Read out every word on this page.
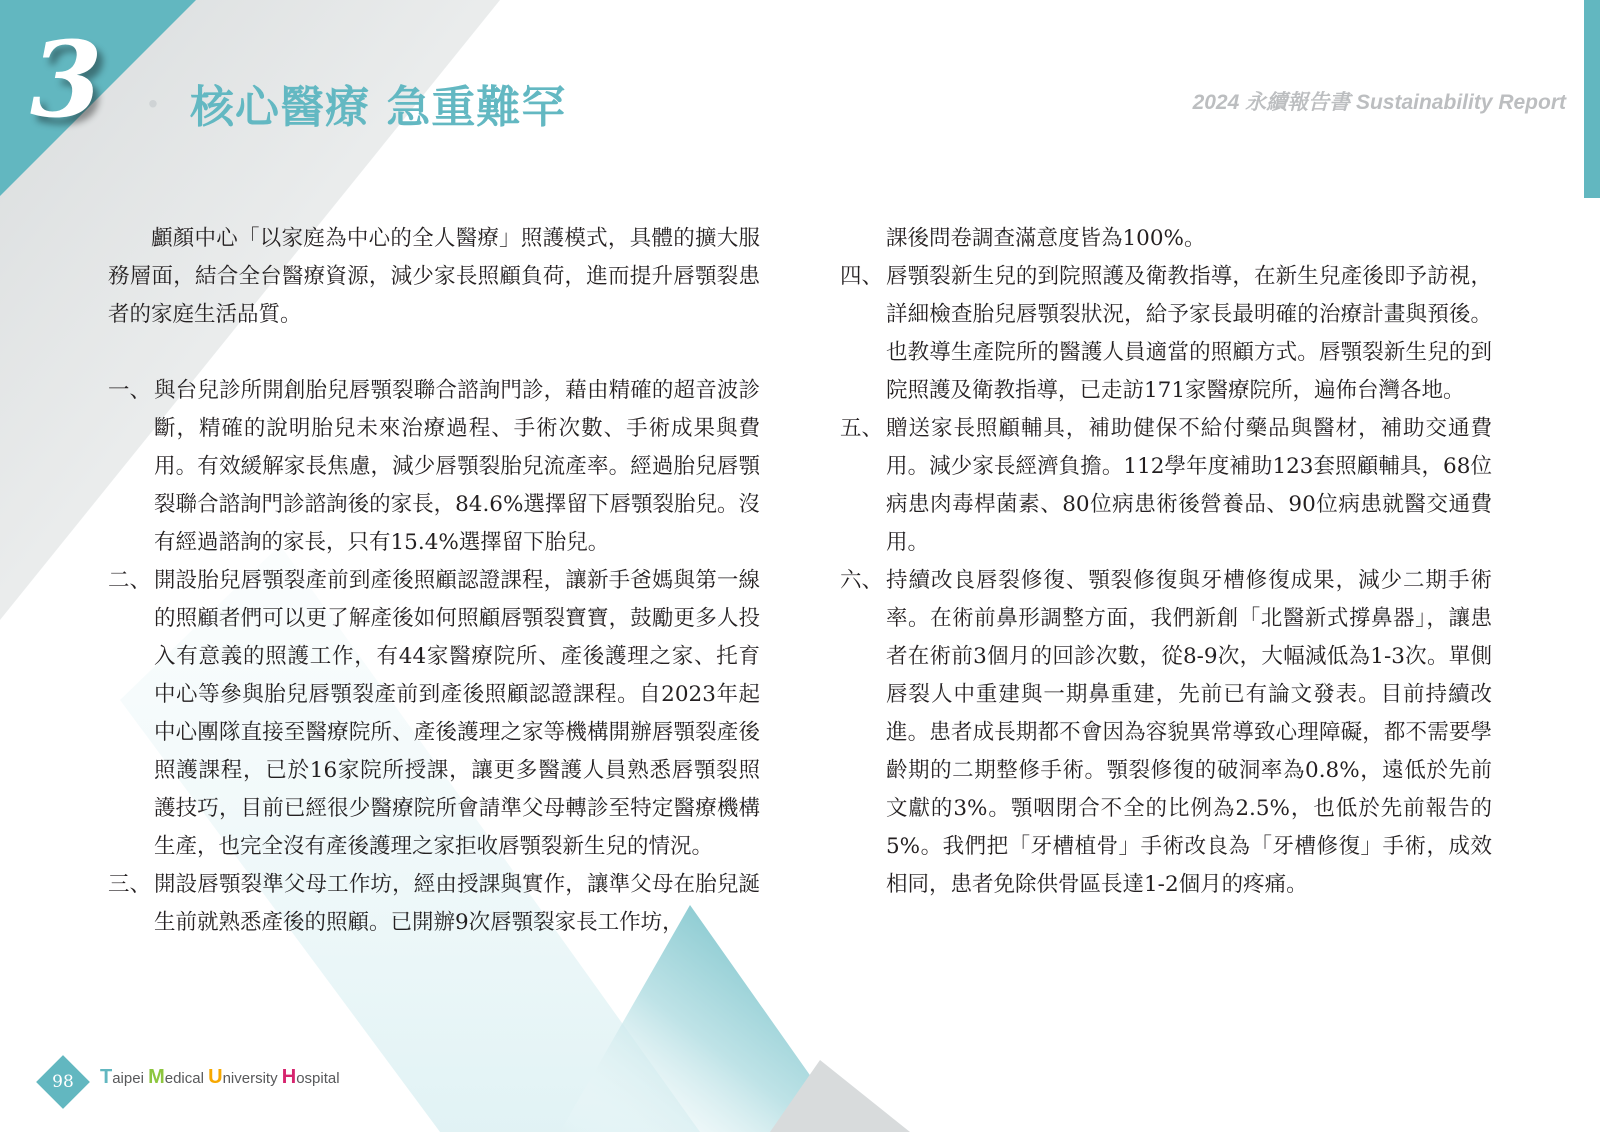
3 . 核心醫療 急重難罕	2024 永續報告書 Sustainability Report

顱顏中心「以家庭為中心的全人醫療」照護模式，具體的擴大服務層面，結合全台醫療資源，減少家長照顧負荷，進而提升唇顎裂患者的家庭生活品質。

一、 與台兒診所開創胎兒唇顎裂聯合諮詢門診，藉由精確的超音波診斷，精確的說明胎兒未來治療過程、手術次數、手術成果與費用。有效緩解家長焦慮，減少唇顎裂胎兒流產率。經過胎兒唇顎裂聯合諮詢門診諮詢後的家長，84.6%選擇留下唇顎裂胎兒。沒有經過諮詢的家長，只有15.4%選擇留下胎兒。
二、 開設胎兒唇顎裂產前到產後照顧認證課程，讓新手爸媽與第一線的照顧者們可以更了解產後如何照顧唇顎裂寶寶，鼓勵更多人投入有意義的照護工作，有44家醫療院所、產後護理之家、托育中心等參與胎兒唇顎裂產前到產後照顧認證課程。自2023年起中心團隊直接至醫療院所、產後護理之家等機構開辦唇顎裂產後照護課程，已於16家院所授課，讓更多醫護人員熟悉唇顎裂照護技巧，目前已經很少醫療院所會請準父母轉診至特定醫療機構生產，也完全沒有產後護理之家拒收唇顎裂新生兒的情況。
三、 開設唇顎裂準父母工作坊，經由授課與實作，讓準父母在胎兒誕生前就熟悉產後的照顧。已開辦9次唇顎裂家長工作坊，

課後問卷調查滿意度皆為100%。

四、 唇顎裂新生兒的到院照護及衛教指導，在新生兒產後即予訪視，詳細檢查胎兒唇顎裂狀況，給予家長最明確的治療計畫與預後。也教導生產院所的醫護人員適當的照顧方式。唇顎裂新生兒的到院照護及衛教指導，已走訪171家醫療院所，遍佈台灣各地。
五、 贈送家長照顧輔具，補助健保不給付藥品與醫材，補助交通費用。減少家長經濟負擔。112學年度補助123套照顧輔具，68位病患肉毒桿菌素、80位病患術後營養品、90位病患就醫交通費用。
六、 持續改良唇裂修復、顎裂修復與牙槽修復成果，減少二期手術率。在術前鼻形調整方面，我們新創「北醫新式撐鼻器」，讓患者在術前3個月的回診次數，從8-9次，大幅減低為1-3次。單側唇裂人中重建與一期鼻重建，先前已有論文發表。目前持續改進。患者成長期都不會因為容貌異常導致心理障礙，都不需要學齡期的二期整修手術。顎裂修復的破洞率為0.8%，遠低於先前文獻的3%。顎咽閉合不全的比例為2.5%，也低於先前報告的5%。我們把「牙槽植骨」手術改良為「牙槽修復」手術，成效相同，患者免除供骨區長達1-2個月的疼痛。
98	Taipei Medical University Hospital
